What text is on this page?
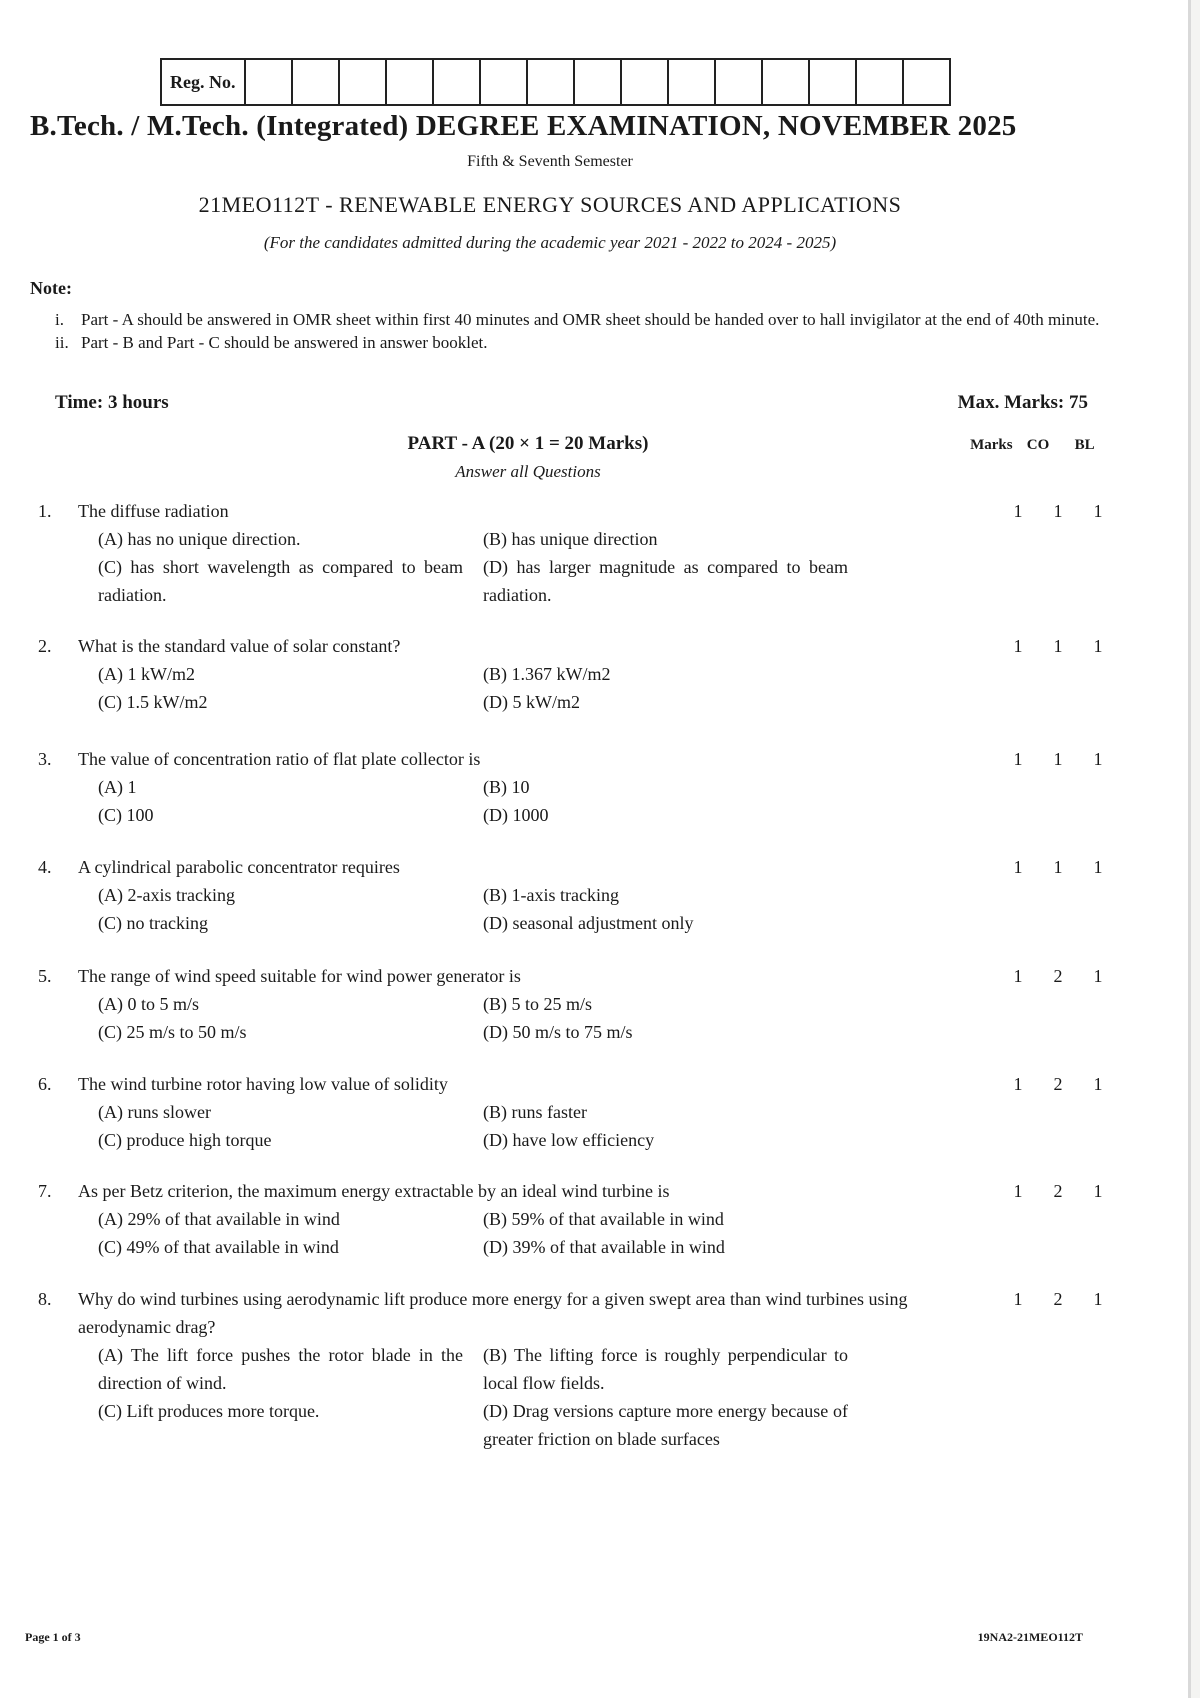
Reg. No.
B.Tech. / M.Tech. (Integrated) DEGREE EXAMINATION, NOVEMBER 2025
Fifth & Seventh Semester
21MEO112T - RENEWABLE ENERGY SOURCES AND APPLICATIONS
(For the candidates admitted during the academic year 2021 - 2022 to 2024 - 2025)
Note:
i.	Part - A should be answered in OMR sheet within first 40 minutes and OMR sheet should be handed over to hall invigilator at the end of 40th minute.
ii. Part - B and Part - C should be answered in answer booklet.
Time: 3 hours	Max. Marks: 75
PART - A (20 × 1 = 20 Marks)
Answer all Questions
Marks CO	BL
1.	The diffuse radiation	1	1	1
(A) has no unique direction.	(B) has unique direction
(C) has short wavelength as compared to beam radiation.
(D) has larger magnitude as compared to beam radiation.
2.	What is the standard value of solar constant?	1	1	1
(A) 1 kW/m2	(B) 1.367 kW/m2
(C) 1.5 kW/m2	(D) 5 kW/m2
3.	The value of concentration ratio of flat plate collector is	1	1	1
(A) 1	(B) 10
(C) 100	(D) 1000
4.	A cylindrical parabolic concentrator requires	1	1	1
(A) 2-axis tracking	(B) 1-axis tracking
(C) no tracking	(D) seasonal adjustment only
5.	The range of wind speed suitable for wind power generator is	1	2	1
(A) 0 to 5 m/s	(B) 5 to 25 m/s
(C) 25 m/s to 50 m/s	(D) 50 m/s to 75 m/s
6.	The wind turbine rotor having low value of solidity	1	2	1
(A) runs slower	(B) runs faster
(C) produce high torque	(D) have low efficiency
7.	As per Betz criterion, the maximum energy extractable by an ideal wind turbine is	1	2	1
(A) 29% of that available in wind	(B) 59% of that available in wind
(C) 49% of that available in wind	(D) 39% of that available in wind
8.	Why do wind turbines using aerodynamic lift produce more energy for a given swept area than wind turbines using aerodynamic drag?
1	2	1
(A) The lift force pushes the rotor blade in the direction of wind.
(B) The lifting force is roughly perpendicular to local flow fields.
(C) Lift produces more torque.	(D) Drag versions capture more energy because of greater friction on blade surfaces
Page 1 of 3	19NA2-21MEO112T
